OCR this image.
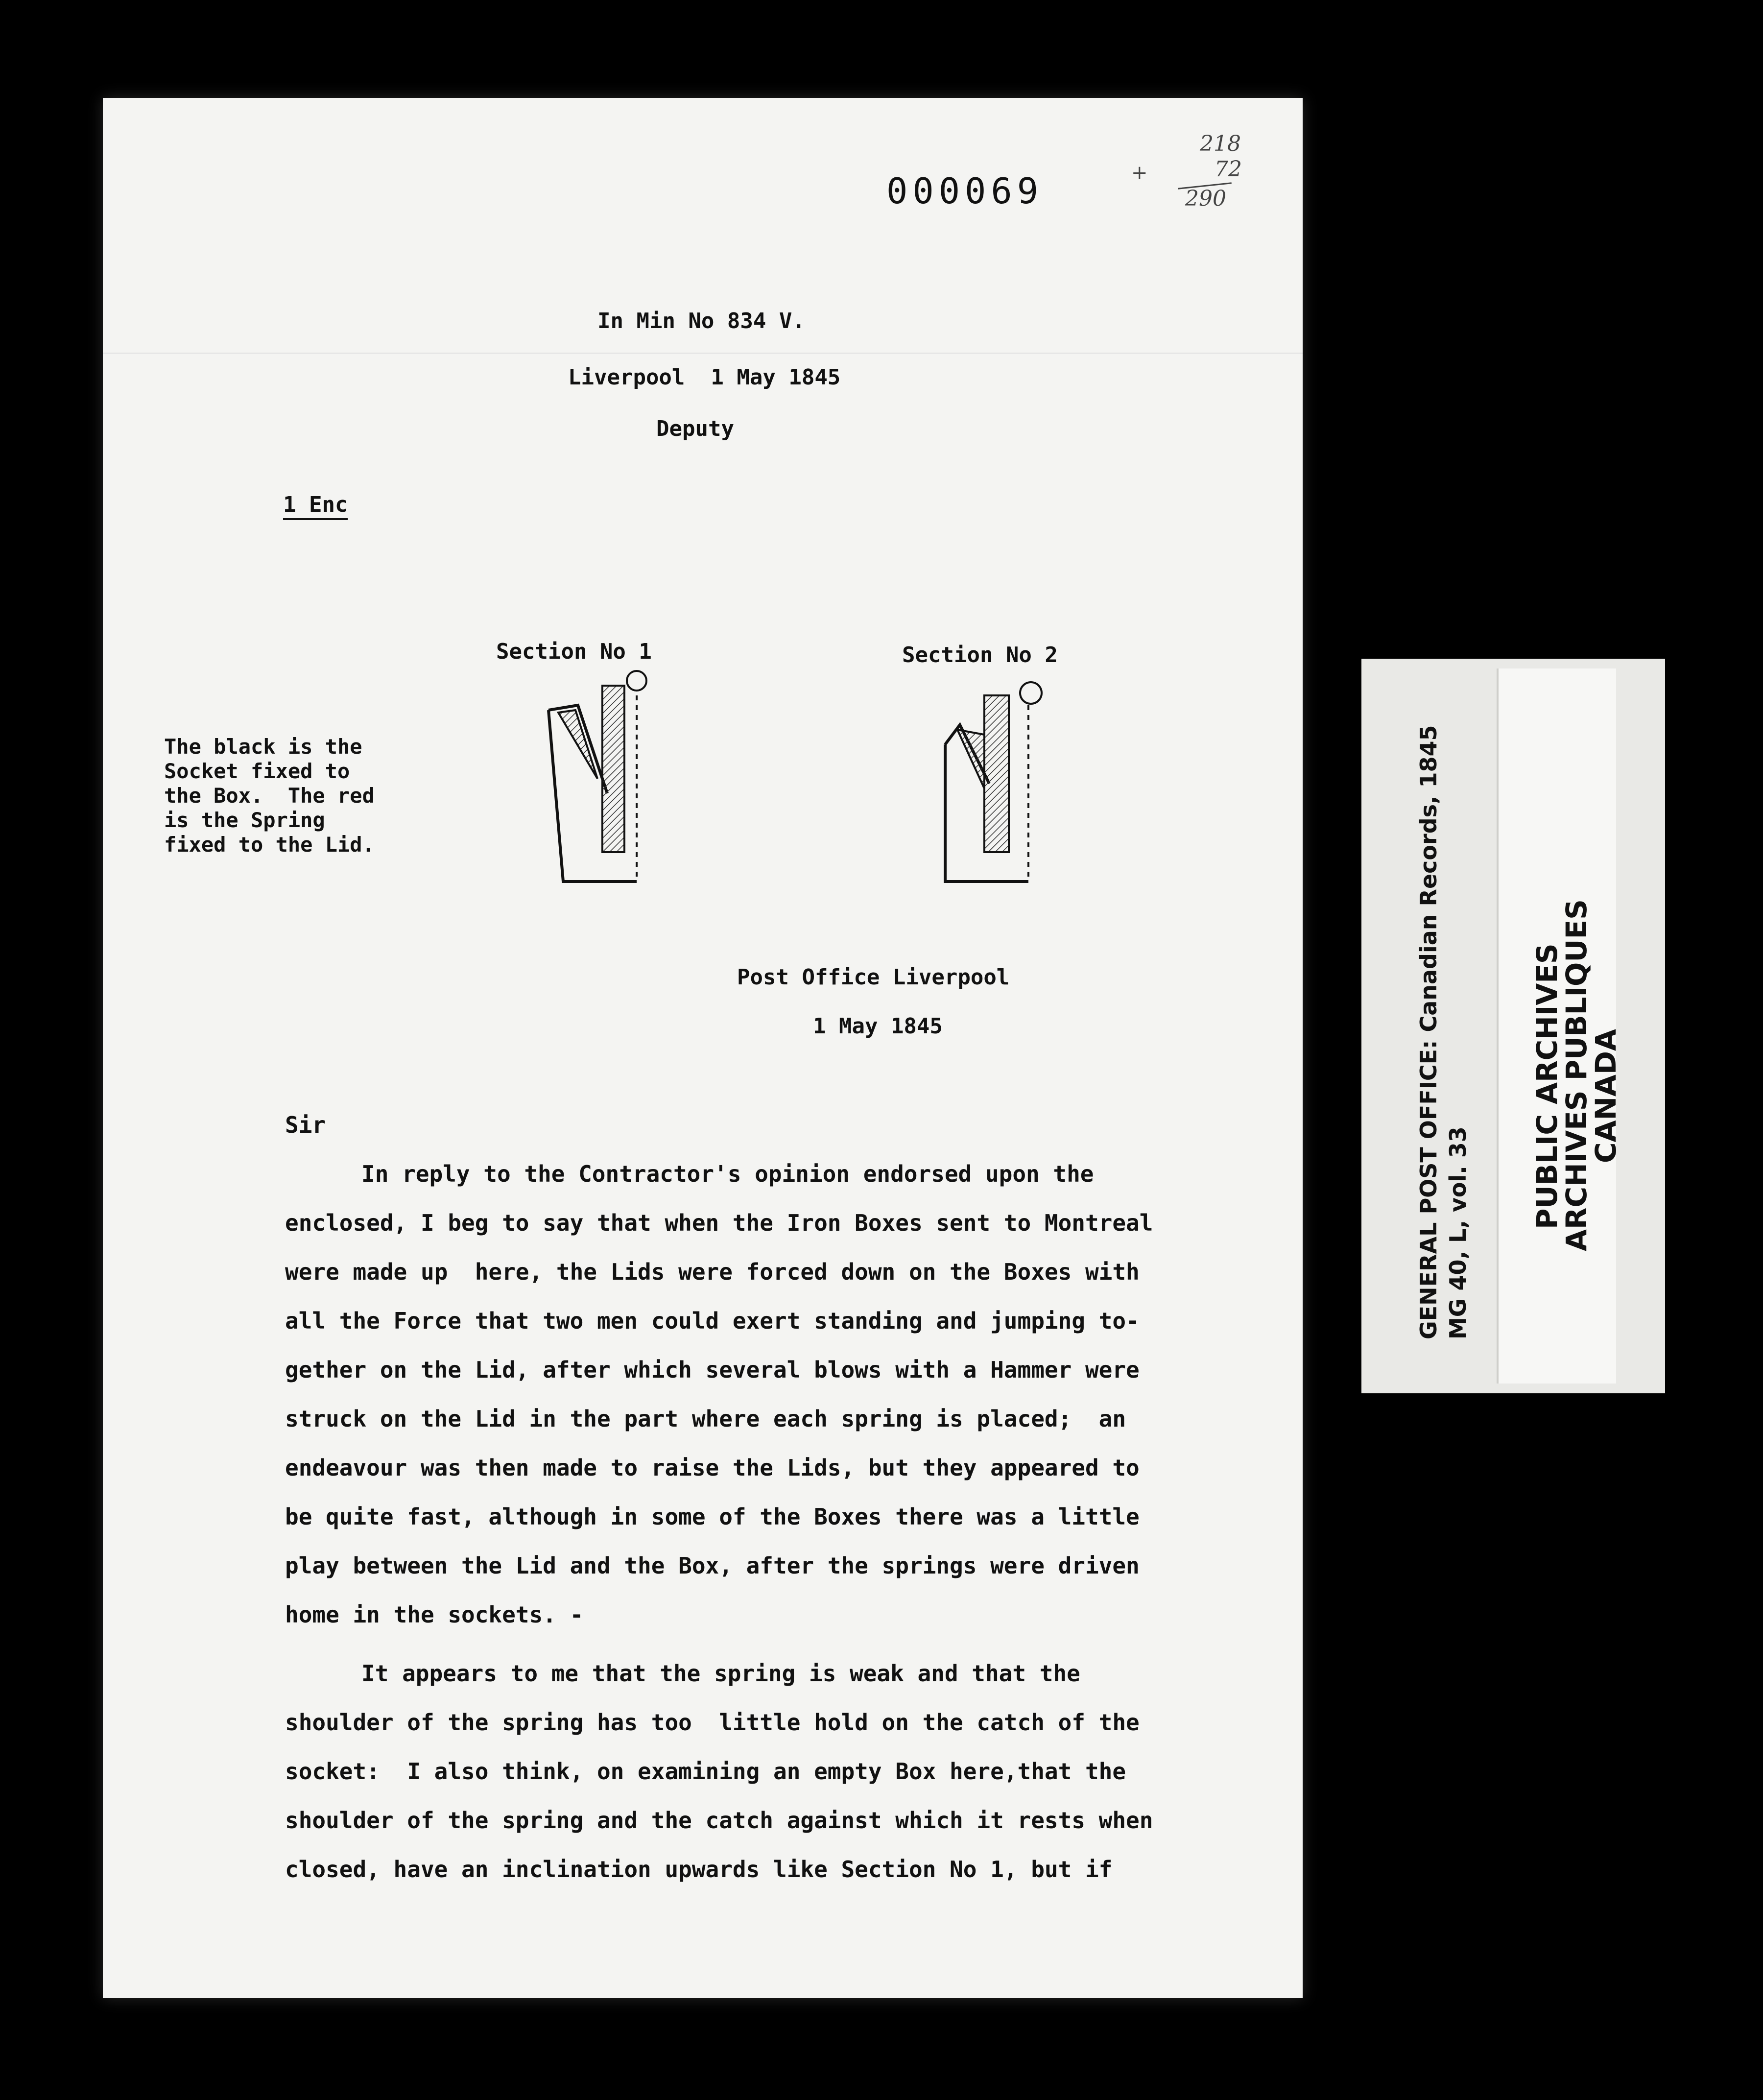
000069	+
218
72
290
In Min No 834 V.
Liverpool  1 May 1845
Deputy
1 Enc
Section No 1	Section No 2
The black is the
Socket fixed to
the Box.  The red
is the Spring
fixed to the Lid.
Post Office Liverpool
1 May 1845
Sir
In reply to the Contractor's opinion endorsed upon the
enclosed, I beg to say that when the Iron Boxes sent to Montreal
were made up  here, the Lids were forced down on the Boxes with
all the Force that two men could exert standing and jumping to-
gether on the Lid, after which several blows with a Hammer were
struck on the Lid in the part where each spring is placed;  an
endeavour was then made to raise the Lids, but they appeared to
be quite fast, although in some of the Boxes there was a little
play between the Lid and the Box, after the springs were driven
home in the sockets. -
It appears to me that the spring is weak and that the
shoulder of the spring has too  little hold on the catch of the
socket:  I also think, on examining an empty Box here,that the
shoulder of the spring and the catch against which it rests when
closed, have an inclination upwards like Section No 1, but if
GENERAL POST OFFICE: Canadian Records, 1845 MG 40, L, vol. 33
PUBLIC ARCHIVES
ARCHIVES PUBLIQUES
CANADA
